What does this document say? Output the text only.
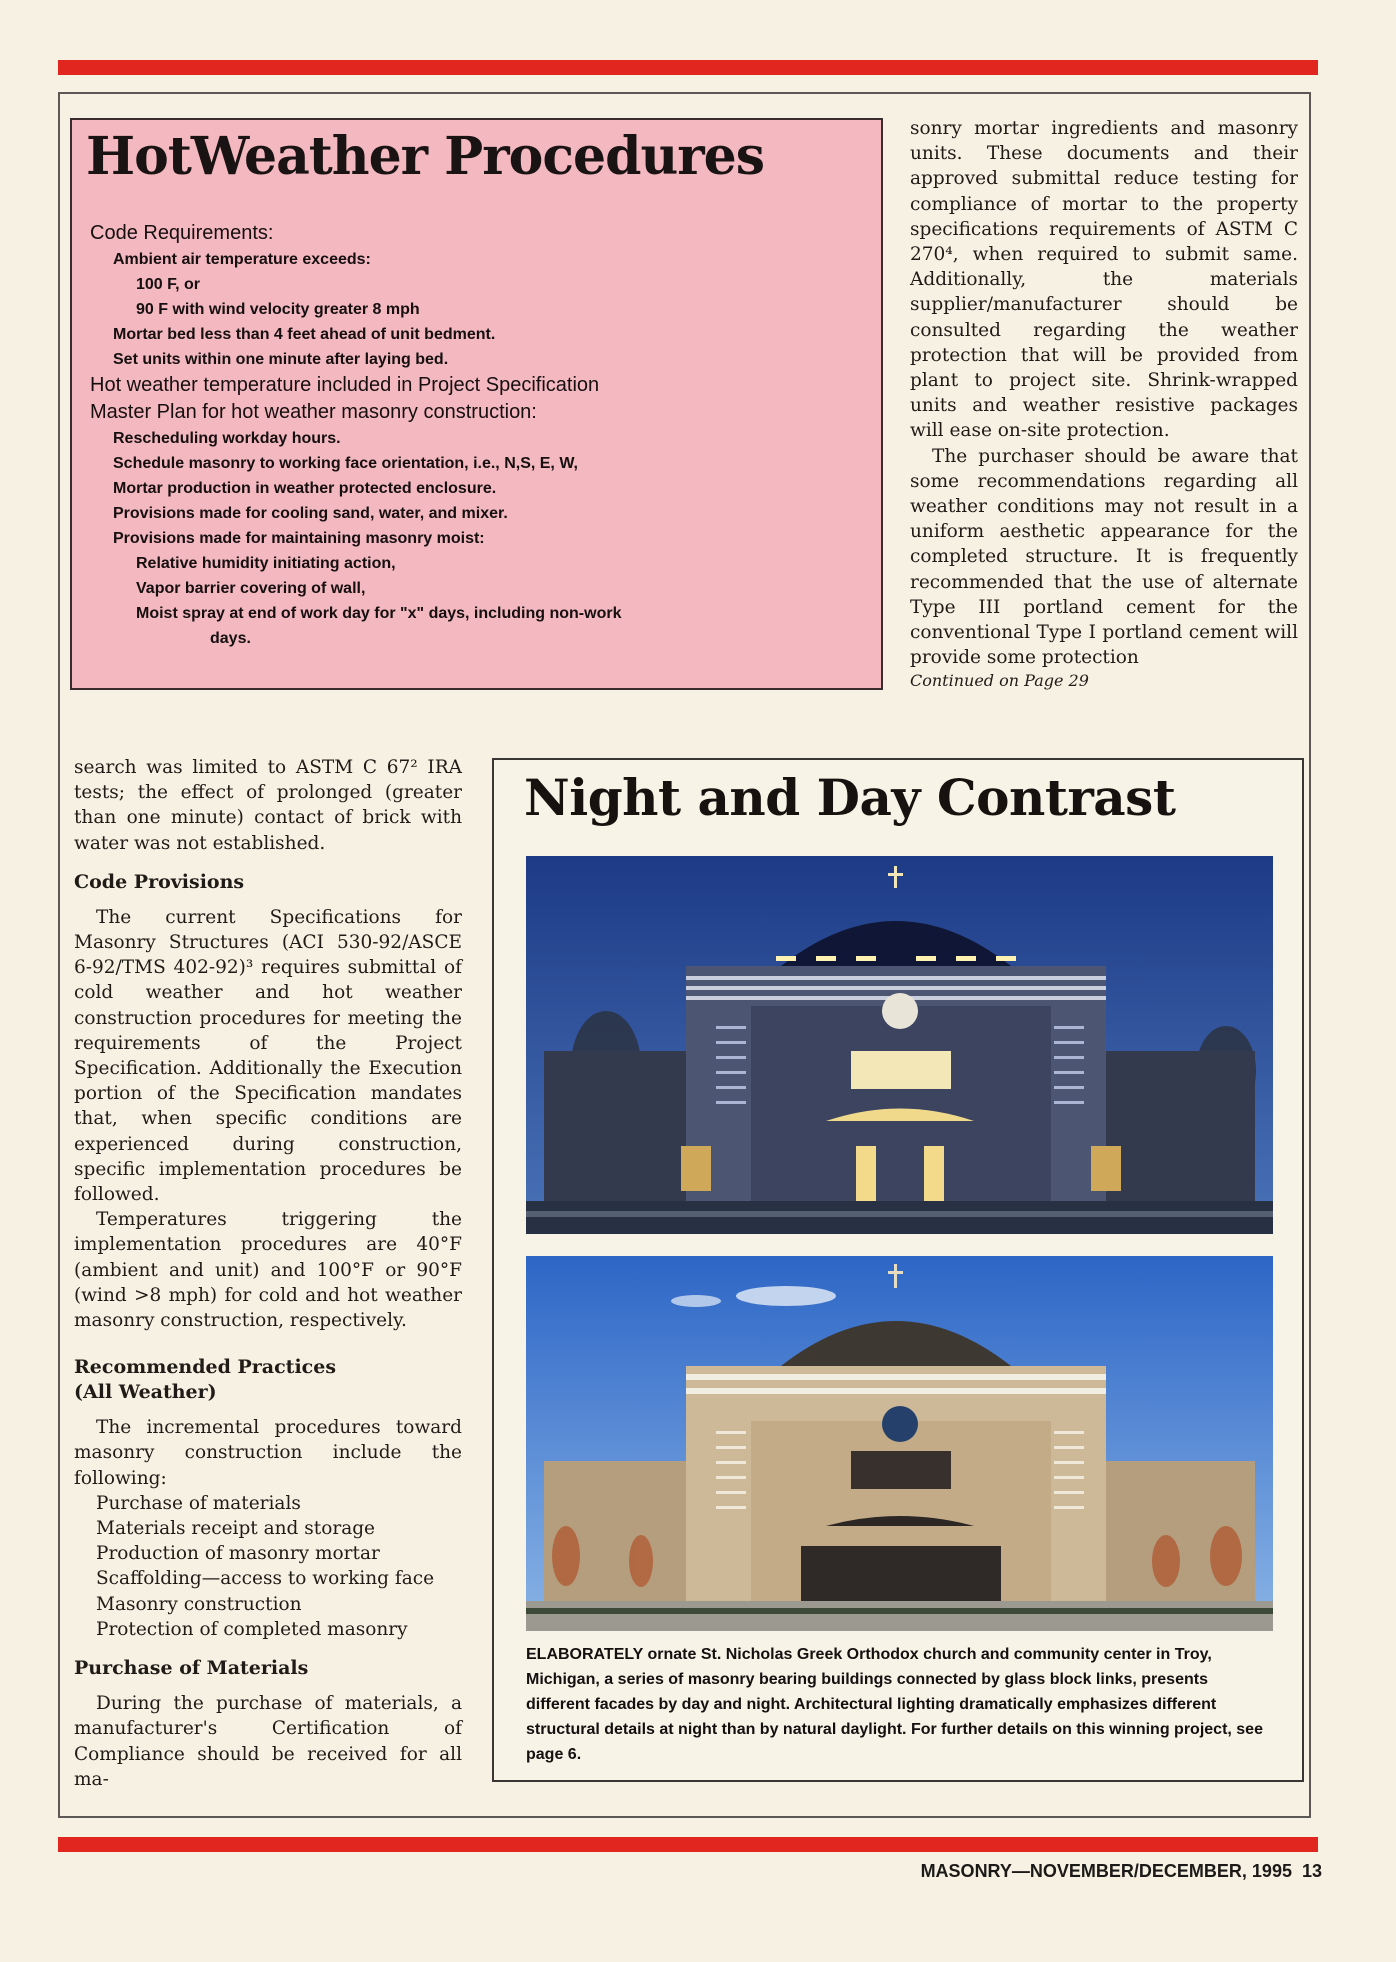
HotWeather Procedures
Code Requirements:
Ambient air temperature exceeds:
100 F, or
90 F with wind velocity greater 8 mph
Mortar bed less than 4 feet ahead of unit bedment.
Set units within one minute after laying bed.
Hot weather temperature included in Project Specification
Master Plan for hot weather masonry construction:
Rescheduling workday hours.
Schedule masonry to working face orientation, i.e., N,S, E, W,
Mortar production in weather protected enclosure.
Provisions made for cooling sand, water, and mixer.
Provisions made for maintaining masonry moist:
Relative humidity initiating action,
Vapor barrier covering of wall,
Moist spray at end of work day for "x" days, including non-work
days.

sonry mortar ingredients and masonry units. These documents and their approved submittal reduce testing for compliance of mortar to the property specifications requirements of ASTM C 270⁴, when required to submit same. Additionally, the materials supplier/manufacturer should be consulted regarding the weather protection that will be provided from plant to project site. Shrink-wrapped units and weather resistive packages will ease on-site protection.

The purchaser should be aware that some recommendations regarding all weather conditions may not result in a uniform aesthetic appearance for the completed structure. It is frequently recommended that the use of alternate Type III portland cement for the conventional Type I portland cement will provide some protection

Continued on Page 29

search was limited to ASTM C 67² IRA tests; the effect of prolonged (greater than one minute) contact of brick with water was not established.

Code Provisions

The current Specifications for Masonry Structures (ACI 530-92/ASCE 6-92/TMS 402-92)³ requires submittal of cold weather and hot weather construction procedures for meeting the requirements of the Project Specification. Additionally the Execution portion of the Specification mandates that, when specific conditions are experienced during construction, specific implementation procedures be followed.

Temperatures triggering the implementation procedures are 40°F (ambient and unit) and 100°F or 90°F (wind >8 mph) for cold and hot weather masonry construction, respectively.

Recommended Practices
(All Weather)

The incremental procedures toward masonry construction include the following:

Purchase of materials
Materials receipt and storage
Production of masonry mortar
Scaffolding—access to working face
Masonry construction
Protection of completed masonry
Purchase of Materials

During the purchase of materials, a manufacturer's Certification of Compliance should be received for all ma-

Night and Day Contrast

ELABORATELY ornate St. Nicholas Greek Orthodox church and community center in Troy, Michigan, a series of masonry bearing buildings connected by glass block links, presents different facades by day and night. Architectural lighting dramatically emphasizes different structural details at night than by natural daylight. For further details on this winning project, see page 6.

MASONRY—NOVEMBER/DECEMBER, 1995 13
